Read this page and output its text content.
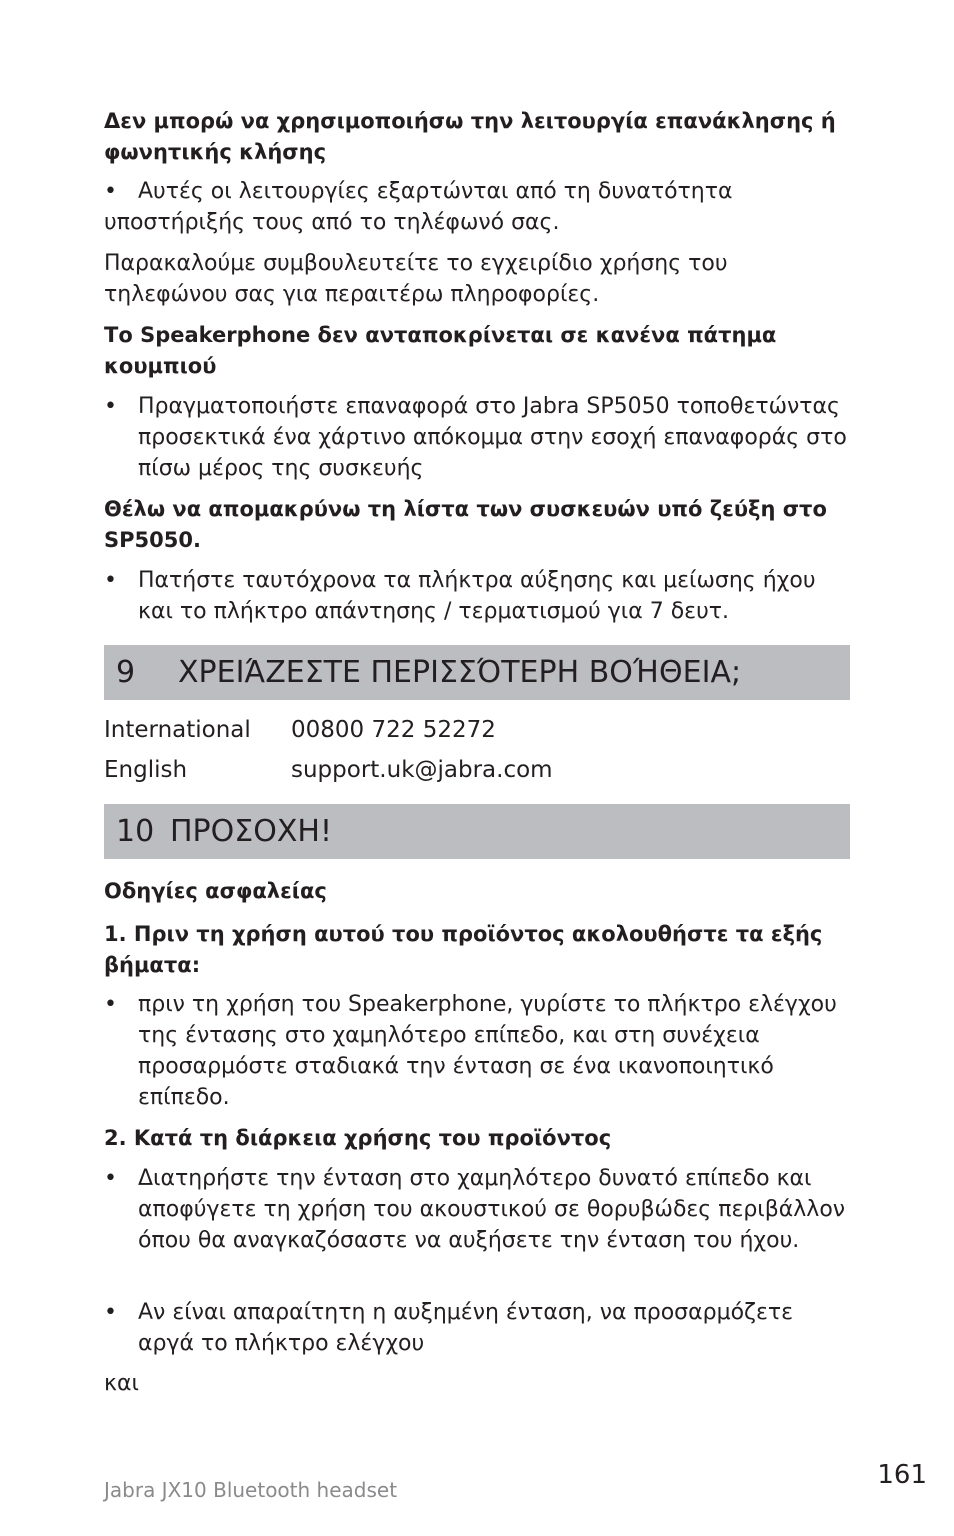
Δεν μπορώ να χρησιμοποιήσω την λειτουργία επανάκλησης ή φωνητικής κλήσης

• Αυτές οι λειτουργίες εξαρτώνται από τη δυνατότητα υποστήριξής τους από το τηλέφωνό σας.

Παρακαλούμε συμβουλευτείτε το εγχειρίδιο χρήσης του τηλεφώνου σας για περαιτέρω πληροφορίες.

Το Speakerphone δεν ανταποκρίνεται σε κανένα πάτημα κουμπιού

• Πραγματοποιήστε επαναφορά στο Jabra SP5050 τοποθετώντας προσεκτικά ένα χάρτινο απόκομμα στην εσοχή επαναφοράς στο πίσω μέρος της συσκευής

Θέλω να απομακρύνω τη λίστα των συσκευών υπό ζεύξη στο SP5050.

• Πατήστε ταυτόχρονα τα πλήκτρα αύξησης και μείωσης ήχου και το πλήκτρο απάντησης / τερματισμού για 7 δευτ.

9 ΧΡΕΙΆΖΕΣΤΕ ΠΕΡΙΣΣΌΤΕΡΗ ΒΟΉΘΕΙΑ;
International 00800 722 52272
English	support.uk@jabra.com
10 ΠΡΟΣΟΧΗ!

Οδηγίες ασφαλείας

1. Πριν τη χρήση αυτού του προϊόντος ακολουθήστε τα εξής βήματα:

• πριν τη χρήση του Speakerphone, γυρίστε το πλήκτρο ελέγχου της έντασης στο χαμηλότερο επίπεδο, και στη συνέχεια προσαρμόστε σταδιακά την ένταση σε ένα ικανοποιητικό επίπεδο.

2. Κατά τη διάρκεια χρήσης του προϊόντος

• Διατηρήστε την ένταση στο χαμηλότερο δυνατό επίπεδο και αποφύγετε τη χρήση του ακουστικού σε θορυβώδες περιβάλλον όπου θα αναγκαζόσαστε να αυξήσετε την ένταση του ήχου.

• Αν είναι απαραίτητη η αυξημένη ένταση, να προσαρμόζετε αργά το πλήκτρο ελέγχου

και

Jabra JX10 Bluetooth headset	161
